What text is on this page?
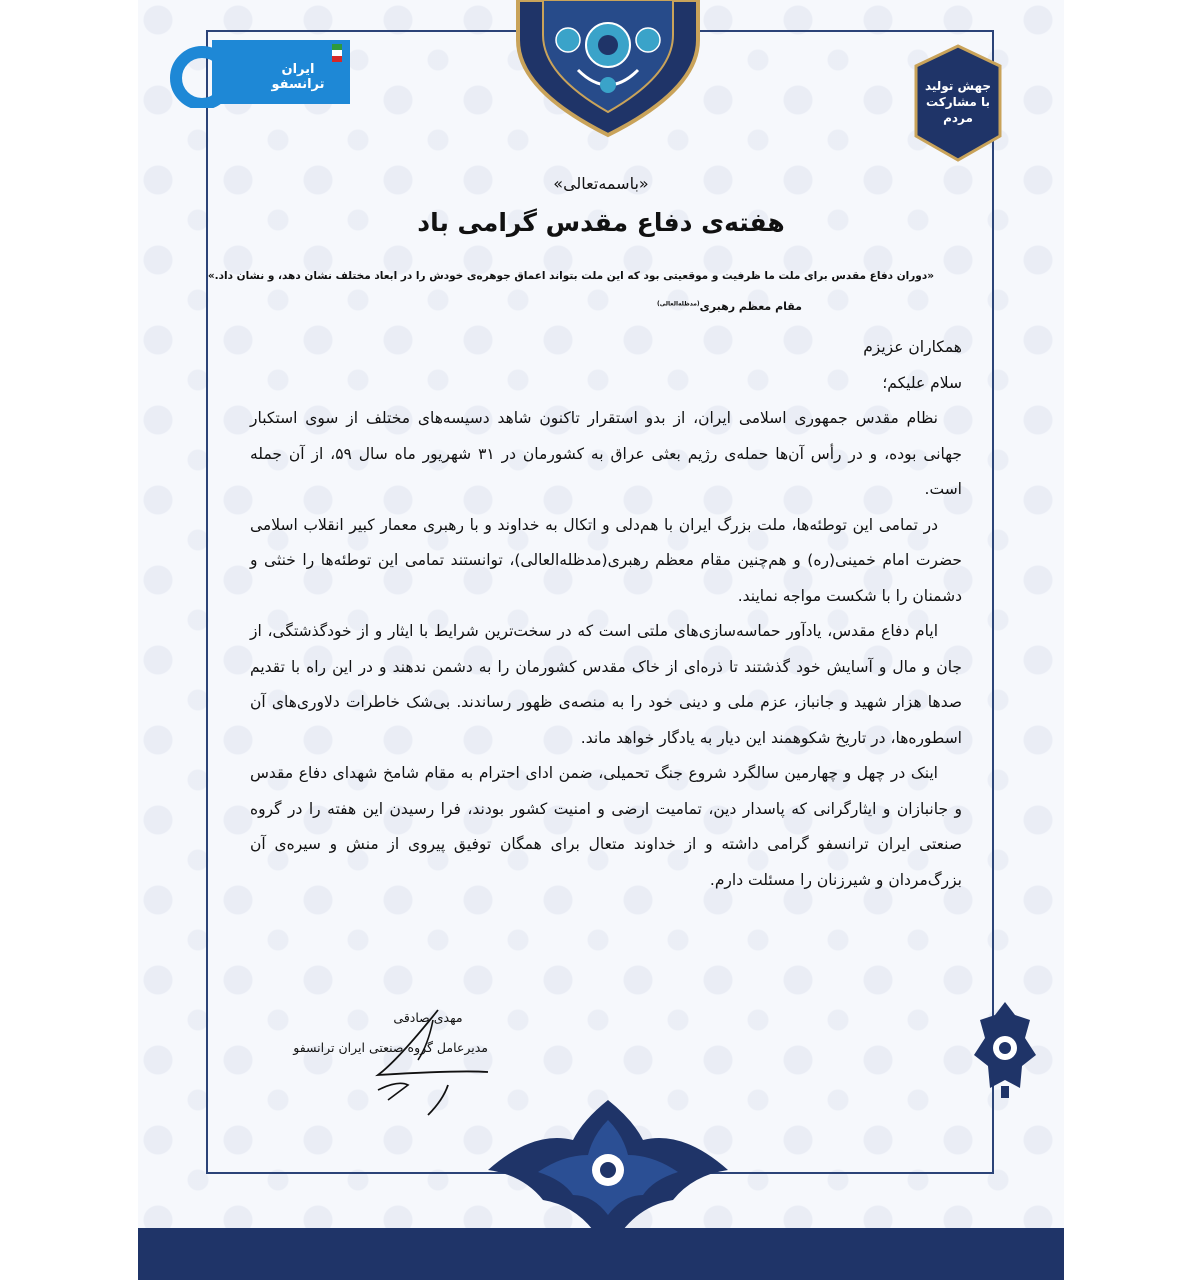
ایران ترانسفو	جهش تولید با مشارکت مردم
«باسمه‌تعالی»
هفته‌ی دفاع مقدس گرامی باد
«دوران دفاع مقدس برای ملت ما ظرفیت و موقعیتی بود که این ملت بتواند اعماق جوهره‌ی خودش را در ابعاد مختلف نشان دهد، و نشان داد.»
مقام معظم رهبری$^{(مدظله‌العالی)}$

همکاران عزیزم

سلام علیکم؛

نظام مقدس جمهوری اسلامی ایران، از بدو استقرار تاکنون شاهد دسیسه‌های مختلف از سوی استکبار جهانی بوده، و در رأس آن‌ها حمله‌ی رژیم بعثی عراق به کشورمان در ۳۱ شهریور ماه سال ۵۹، از آن جمله است.

در تمامی این توطئه‌ها، ملت بزرگ ایران با هم‌دلی و اتکال به خداوند و با رهبری معمار کبیر انقلاب اسلامی حضرت امام خمینی(ره) و هم‌چنین مقام معظم رهبری(مدظله‌العالی)، توانستند تمامی این توطئه‌ها را خنثی و دشمنان را با شکست مواجه نمایند.

ایام دفاع مقدس، یادآور حماسه‌سازی‌های ملتی است که در سخت‌ترین شرایط با ایثار و از خودگذشتگی، از جان و مال و آسایش خود گذشتند تا ذره‌ای از خاک مقدس کشورمان را به دشمن ندهند و در این راه با تقدیم صدها هزار شهید و جانباز، عزم ملی و دینی خود را به منصه‌ی ظهور رساندند. بی‌شک خاطرات دلاوری‌های آن اسطوره‌ها، در تاریخ شکوهمند این دیار به یادگار خواهد ماند.

اینک در چهل و چهارمین سالگرد شروع جنگ تحمیلی، ضمن ادای احترام به مقام شامخ شهدای دفاع مقدس و جانبازان و ایثارگرانی که پاسدار دین، تمامیت ارضی و امنیت کشور بودند، فرا رسیدن این هفته را در گروه صنعتی ایران ترانسفو گرامی داشته و از خداوند متعال برای همگان توفیق پیروی از منش و سیره‌ی آن بزرگ‌مردان و شیرزنان را مسئلت دارم.

مهدی صادقی
مدیرعامل گروه صنعتی ایران ترانسفو
